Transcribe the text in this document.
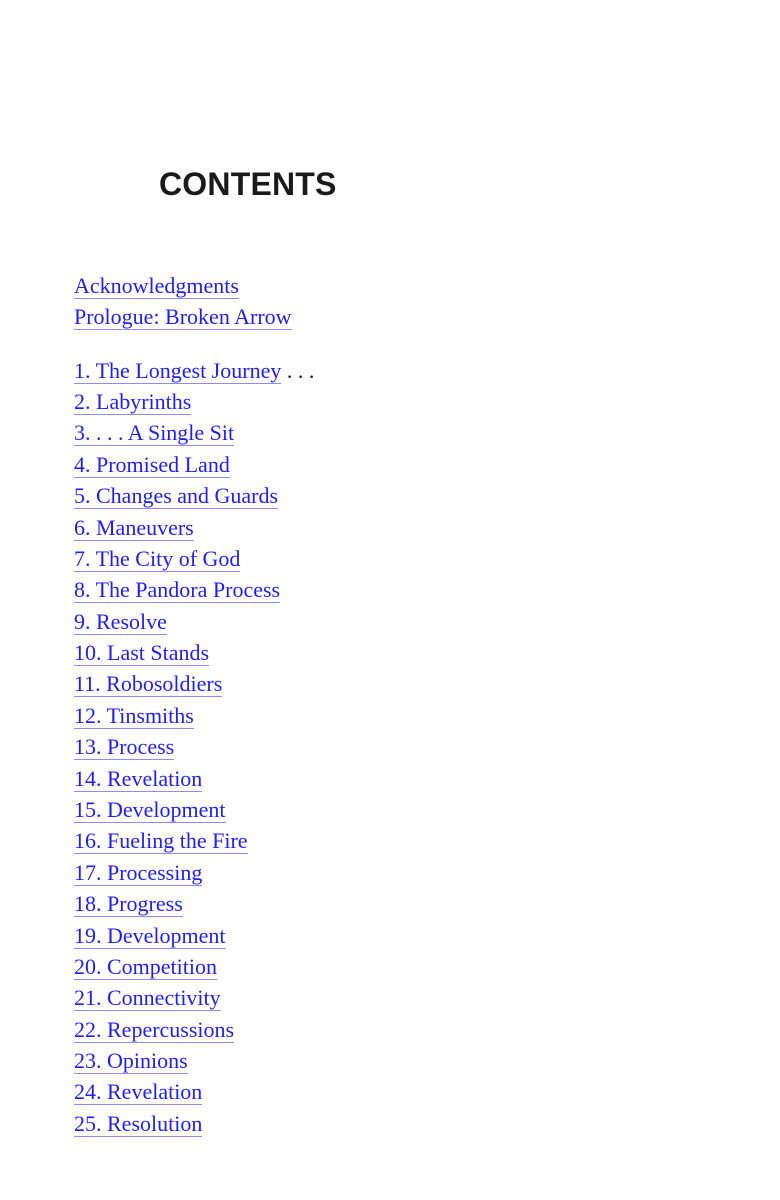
CONTENTS
Acknowledgments
Prologue: Broken Arrow
1. The Longest Journey . . .
2. Labyrinths
3. . . . A Single Sit
4. Promised Land
5. Changes and Guards
6. Maneuvers
7. The City of God
8. The Pandora Process
9. Resolve
10. Last Stands
11. Robosoldiers
12. Tinsmiths
13. Process
14. Revelation
15. Development
16. Fueling the Fire
17. Processing
18. Progress
19. Development
20. Competition
21. Connectivity
22. Repercussions
23. Opinions
24. Revelation
25. Resolution
